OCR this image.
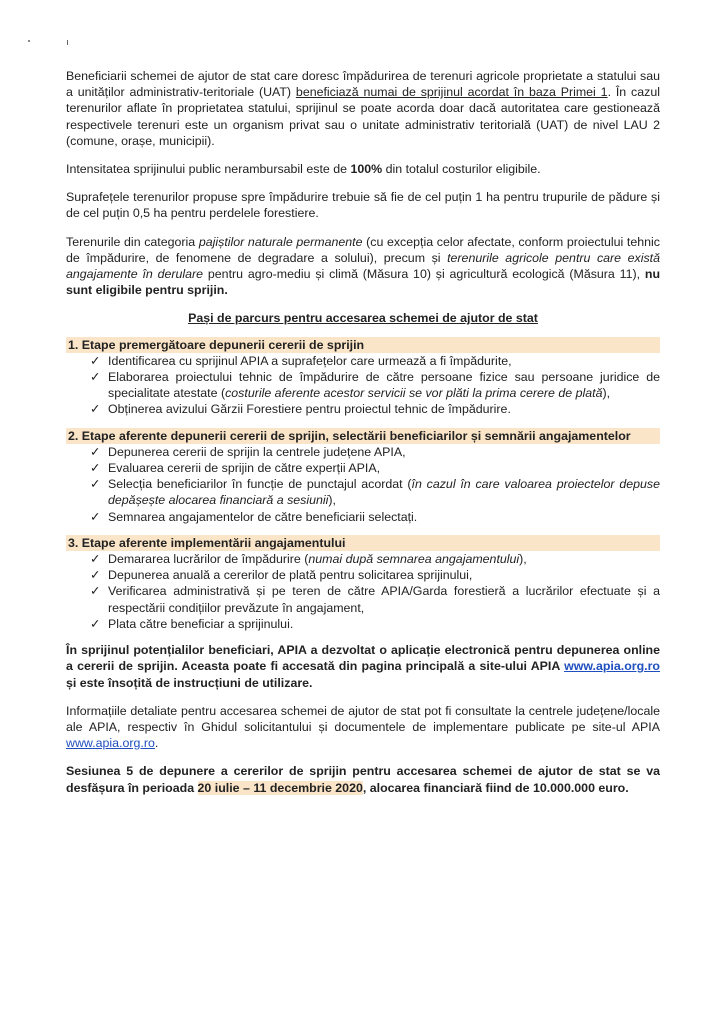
Beneficiarii schemei de ajutor de stat care doresc împădurirea de terenuri agricole proprietate a statului sau a unităților administrativ-teritoriale (UAT) beneficiază numai de sprijinul acordat în baza Primei 1. În cazul terenurilor aflate în proprietatea statului, sprijinul se poate acorda doar dacă autoritatea care gestionează respectivele terenuri este un organism privat sau o unitate administrativ teritorială (UAT) de nivel LAU 2 (comune, orașe, municipii).

Intensitatea sprijinului public nerambursabil este de 100% din totalul costurilor eligibile.

Suprafețele terenurilor propuse spre împădurire trebuie să fie de cel puțin 1 ha pentru trupurile de pădure și de cel puțin 0,5 ha pentru perdelele forestiere.

Terenurile din categoria pajiștilor naturale permanente (cu excepția celor afectate, conform proiectului tehnic de împădurire, de fenomene de degradare a solului), precum și terenurile agricole pentru care există angajamente în derulare pentru agro-mediu și climă (Măsura 10) și agricultură ecologică (Măsura 11), nu sunt eligibile pentru sprijin.

Pași de parcurs pentru accesarea schemei de ajutor de stat

1. Etape premergătoare depunerii cererii de sprijin

✓ Identificarea cu sprijinul APIA a suprafețelor care urmează a fi împădurite,
✓ Elaborarea proiectului tehnic de împădurire de către persoane fizice sau persoane juridice de specialitate atestate (costurile aferente acestor servicii se vor plăti la prima cerere de plată),
✓ Obținerea avizului Gărzii Forestiere pentru proiectul tehnic de împădurire.

2. Etape aferente depunerii cererii de sprijin, selectării beneficiarilor și semnării angajamentelor

✓ Depunerea cererii de sprijin la centrele județene APIA,
✓ Evaluarea cererii de sprijin de către experții APIA,
✓ Selecția beneficiarilor în funcție de punctajul acordat (în cazul în care valoarea proiectelor depuse depășește alocarea financiară a sesiunii),
✓ Semnarea angajamentelor de către beneficiarii selectați.

3. Etape aferente implementării angajamentului

✓ Demararea lucrărilor de împădurire (numai după semnarea angajamentului),
✓ Depunerea anuală a cererilor de plată pentru solicitarea sprijinului,
✓ Verificarea administrativă și pe teren de către APIA/Garda forestieră a lucrărilor efectuate și a respectării condițiilor prevăzute în angajament,
✓ Plata către beneficiar a sprijinului.

În sprijinul potențialilor beneficiari, APIA a dezvoltat o aplicație electronică pentru depunerea online a cererii de sprijin. Aceasta poate fi accesată din pagina principală a site-ului APIA www.apia.org.ro și este însoțită de instrucțiuni de utilizare.

Informațiile detaliate pentru accesarea schemei de ajutor de stat pot fi consultate la centrele județene/locale ale APIA, respectiv în Ghidul solicitantului și documentele de implementare publicate pe site-ul APIA www.apia.org.ro.

Sesiunea 5 de depunere a cererilor de sprijin pentru accesarea schemei de ajutor de stat se va desfășura în perioada 20 iulie – 11 decembrie 2020, alocarea financiară fiind de 10.000.000 euro.
